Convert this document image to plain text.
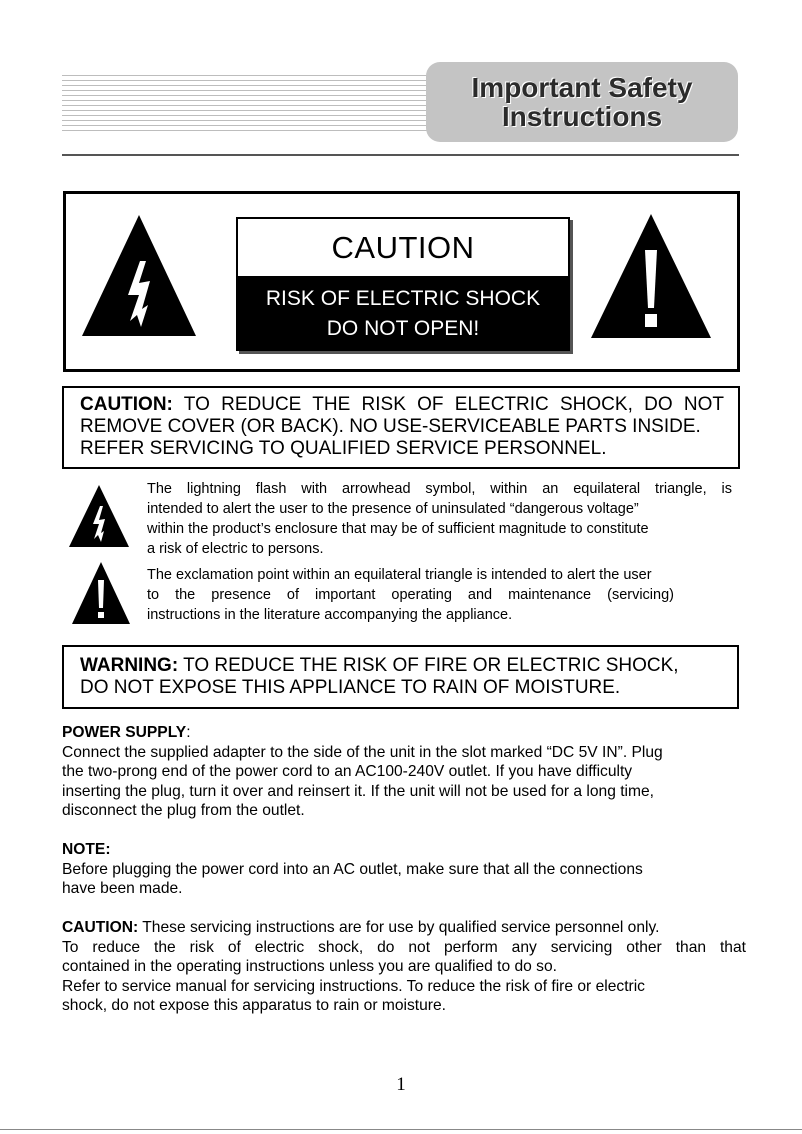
Important Safety
Instructions
CAUTION
RISK OF ELECTRIC SHOCK
DO NOT OPEN!
CAUTION: TO REDUCE THE RISK OF ELECTRIC SHOCK, DO NOT
REMOVE COVER (OR BACK). NO USE-SERVICEABLE PARTS INSIDE.
REFER SERVICING TO QUALIFIED SERVICE PERSONNEL.
The lightning flash with arrowhead symbol, within an equilateral triangle, is
intended to alert the user to the presence of uninsulated “dangerous voltage”
within the product’s enclosure that may be of sufficient magnitude to constitute
a risk of electric to persons.
The exclamation point within an equilateral triangle is intended to alert the user
to the presence of important operating and maintenance (servicing)
instructions in the literature accompanying the appliance.
WARNING: TO REDUCE THE RISK OF FIRE OR ELECTRIC SHOCK,
DO NOT EXPOSE THIS APPLIANCE TO RAIN OF MOISTURE.

POWER SUPPLY:

Connect the supplied adapter to the side of the unit in the slot marked “DC 5V IN”. Plug

the two-prong end of the power cord to an AC100-240V outlet. If you have difficulty

inserting the plug, turn it over and reinsert it. If the unit will not be used for a long time,

disconnect the plug from the outlet.

NOTE:

Before plugging the power cord into an AC outlet, make sure that all the connections

have been made.

CAUTION: These servicing instructions are for use by qualified service personnel only.

To reduce the risk of electric shock, do not perform any servicing other than that

contained in the operating instructions unless you are qualified to do so.

Refer to service manual for servicing instructions. To reduce the risk of fire or electric

shock, do not expose this apparatus to rain or moisture.

1
